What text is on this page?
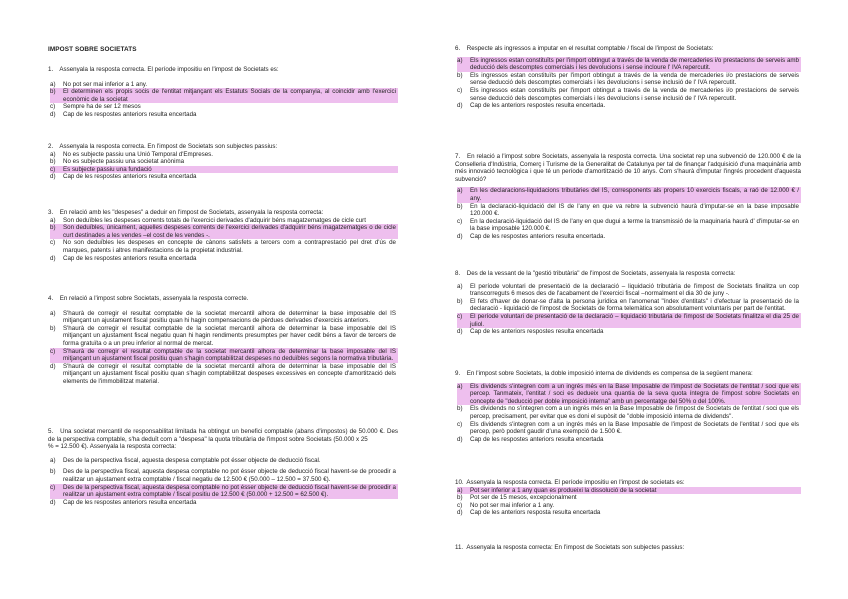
IMPOST SOBRE SOCIETATS
1. Assenyala la resposta correcta. El període impositiu en l'impost de Societats es:
a)	No pot ser mai inferior a 1 any.
b)	El determinen els propis socis de l'entitat mitjançant els Estatuts Socials de la companyia, al coincidir amb l'exercici econòmic de la societat
c)	Sempre ha de ser 12 mesos
d)	Cap de les respostes anteriors resulta encertada
2. Assenyala la resposta correcta. En l'impost de Societats son subjectes passius:
a)	No es subjecte passiu una Unió Temporal d'Empreses.
b)	No es subjecte passiu una societat anònima
c)	Es subjecte passiu una fundació
d)	Cap de les respostes anteriors resulta encertada
3. En relació amb les "despeses" a deduir en l'impost de Societats, assenyala la resposta correcta:
a)	Son deduïbles les despeses corrents totals de l'exercici derivades d'adquirir béns magatzematges de cicle curt
b)	Son deduïbles, únicament, aquelles despeses corrents de l'exercici derivades d'adquirir béns magatzematges o de cicle curt destinades a les vendes –el cost de les vendes -.
c)	No son deduïbles les despeses en concepte de cànons satisfets a tercers com a contraprestació pel dret d'ús de marques, patents i altres manifestacions de la propietat industrial.
d)	Cap de les respostes anteriors resulta encertada
4. En relació a l'impost sobre Societats, assenyala la resposta correcte.
a)	S'haurà de corregir el resultat comptable de la societat mercantil alhora de determinar la base imposable del IS mitjançant un ajustament fiscal positiu quan hi hagin compensacions de pèrdues derivades d'exercicis anteriors.
b)	S'haurà de corregir el resultat comptable de la societat mercantil alhora de determinar la base imposable del IS mitjançant un ajustament fiscal negatiu quan hi hagin rendiments presumptes per haver cedit béns a favor de tercers de forma gratuïta o a un preu inferior al normal de mercat.
c)	S'haurà de corregir el resultat comptable de la societat mercantil alhora de determinar la base imposable del IS mitjançant un ajustament fiscal positiu quan s'hagin comptabilitzat despeses no deduïbles segons la normativa tributària.
d)	S'haurà de corregir el resultat comptable de la societat mercantil alhora de determinar la base imposable del IS mitjançant un ajustament fiscal positiu quan s'hagin comptabilitzat despeses excessives en concepte d'amortització dels elements de l'immobilitzat material.
5. Una societat mercantil de responsabilitat limitada ha obtingut un benefici comptable (abans d'impostos) de 50.000 €. Des de la perspectiva comptable, s'ha deduït com a "despesa" la quota tributària de l'impost sobre Societats (50.000 x 25
% = 12.500 €). Assenyala la resposta correcta:
a)	Des de la perspectiva fiscal, aquesta despesa comptable pot ésser objecte de deducció fiscal.
b)	Des de la perspectiva fiscal, aquesta despesa comptable no pot ésser objecte de deducció fiscal havent-se de procedir a realitzar un ajustament extra comptable / fiscal negatiu de 12.500 € (50.000 – 12.500 = 37.500 €).
c)	Des de la perspectiva fiscal, aquesta despesa comptable no pot ésser objecte de deducció fiscal havent-se de procedir a realitzar un ajustament extra comptable / fiscal positiu de 12.500 € (50.000 + 12.500 = 62.500 €).
d)	Cap de les respostes anteriors resulta encertada
6. Respecte als ingressos a imputar en el resultat comptable / fiscal de l'impost de Societats:
a)	Els ingressos estan constituïts per l'import obtingut a través de la venda de mercaderies i/o prestacions de serveis amb deducció dels descomptes comercials i les devolucions i sense incloure l' IVA repercutit.
b)	Els ingressos estan constituïts per l'import obtingut a través de la venda de mercaderies i/o prestacions de serveis sense deducció dels descomptes comercials i les devolucions i sense inclusió de l' IVA repercutit.
c)	Els ingressos estan constituïts per l'import obtingut a través de la venda de mercaderies i/o prestacions de serveis sense deducció dels descomptes comercials i les devolucions i sense inclusió de l' IVA repercutit.
d)	Cap de les anteriors respostes resulta encertada.
7. En relació a l'impost sobre Societats, assenyala la resposta correcta. Una societat rep una subvenció de 120.000 € de la Conselleria d'Indústria, Comerç i Turisme de la Generalitat de Catalunya per tal de finançar l'adquisició d'una maquinària amb més innovació tecnològica i que té un període d'amortització de 10 anys. Com s'haurà d'imputar l'ingrés procedent d'aquesta subvenció?
a)	En les declaracions-liquidacions tributàries del IS, corresponents als propers 10 exercicis fiscals, a raó de 12.000 € / any.
b)	En la declaració-liquidació del IS de l'any en que va rebre la subvenció haurà d'imputar-se en la base imposable 120.000 €.
c)	En la declaració-liquidació del IS de l'any en que dugui a terme la transmissió de la maquinaria haurà d' d'imputar-se en la base imposable 120.000 €.
d)	Cap de les respostes anteriors resulta encertada.
8. Des de la vessant de la "gestió tributària" de l'impost de Societats, assenyala la resposta correcta:
a)	El període voluntari de presentació de la declaració – liquidació tributària de l'impost de Societats finalitza un cop transcorreguts 6 mesos des de l'acabament de l'exercici fiscal –normalment el dia 30 de juny -.
b)	El fets d'haver de donar-se d'alta la persona jurídica en l'anomenat "índex d'entitats" i d'efectuar la presentació de la declaració - liquidació de l'impost de Societats de forma telemàtica son absolutament voluntaris per part de l'entitat.
c)	El període voluntari de presentació de la declaració – liquidació tributària de l'impost de Societats finalitza el dia 25 de juliol.
d)	Cap de les anteriors respostes resulta encertada
9. En l'impost sobre Societats, la doble imposició interna de dividends es compensa de la següent manera:
a)	Els dividends s'integren com a un ingrés més en la Base Imposable de l'impost de Societats de l'entitat / soci que els percep. Tanmateix, l'entitat / soci es dedueix una quantia de la seva quota íntegra de l'impost sobre Societats en concepte de "deducció per doble imposició interna" amb un percentatge del 50% o del 100%.
b)	Els dividends no s'integren com a un ingrés més en la Base Imposable de l'impost de Societats de l'entitat / soci que els percep, precisament, per evitar que es doni el supòsit de "doble imposició interna de dividends".
c)	Els dividends s'integren com a un ingrés més en la Base Imposable de l'impost de Societats de l'entitat / soci que els percep, però podent gaudir d'una exempció de 1.500 €.
d)	Cap de les respostes anteriors resulta encertada
10. Assenyala la resposta correcta. El període impositiu en l'impost de societats es:
a)	Pot ser inferior a 1 any quan es produeixi la dissolució de la societat
b)	Pot ser de 15 mesos, excepcionalment
c)	No pot ser mai inferior a 1 any.
d)	Cap de les anteriors resposta resulta encertada
11. Assenyala la resposta correcta: En l'impost de Societats son subjectes passius:
